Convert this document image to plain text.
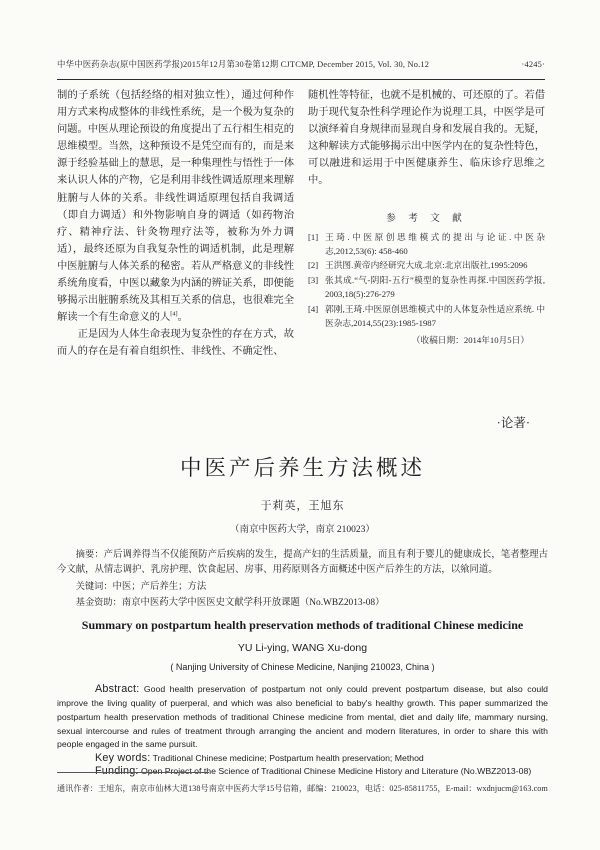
中华中医药杂志(原中国医药学报)2015年12月第30卷第12期 CJTCMP, December 2015, Vol. 30, No.12	·4245·

制的子系统（包括经络的相对独立性），通过何种作用方式来构成整体的非线性系统，是一个极为复杂的问题。中医从理论预设的角度提出了五行相生相克的思维模型。当然，这种预设不是凭空而有的，而是来源于经验基础上的慧思，是一种集理性与悟性于一体来认识人体的产物，它是利用非线性调适原理来理解脏腑与人体的关系。非线性调适原理包括自我调适（即自力调适）和外物影响自身的调适（如药物治疗、精神疗法、针灸物理疗法等，被称为外力调适），最终还原为自我复杂性的调适机制，此是理解中医脏腑与人体关系的秘密。若从严格意义的非线性系统角度看，中医以藏象为内涵的辨证关系，即便能够揭示出脏腑系统及其相互关系的信息，也很难完全解读一个有生命意义的人[4]。

正是因为人体生命表现为复杂性的存在方式，故而人的存在是有着自组织性、非线性、不确定性、

随机性等特征，也就不是机械的、可还原的了。若借助于现代复杂性科学理论作为说理工具，中医学是可以演绎着自身规律而显现自身和发展自我的。无疑，这种解读方式能够揭示出中医学内在的复杂性特色，可以融进和运用于中医健康养生、临床诊疗思维之中。

参 考 文 献
[1] 王琦.中医原创思维模式的提出与论证.中医杂志,2012,53(6): 458-460
[2] 王洪图.黄帝内经研究大成.北京:北京出版社,1995:2096
[3] 张其成.“气-阴阳-五行”模型的复杂性再探.中国医药学报, 2003,18(5):276-279
[4] 郭刚,王琦.中医原创思维模式中的人体复杂性适应系统. 中医杂志,2014,55(23):1985-1987
（收稿日期：2014年10月5日）
·论著·
中医产后养生方法概述
于莉英，王旭东
（南京中医药大学，南京 210023）

摘要：产后调养得当不仅能预防产后疾病的发生，提高产妇的生活质量，而且有利于婴儿的健康成长，笔者整理古今文献，从情志调护、乳房护理、饮食起居、房事、用药原则各方面概述中医产后养生的方法，以飨同道。

关键词：中医；产后养生；方法

基金资助：南京中医药大学中医医史文献学科开放课题（No.WBZ2013-08）

Summary on postpartum health preservation methods of traditional Chinese medicine
YU Li-ying, WANG Xu-dong
( Nanjing University of Chinese Medicine, Nanjing 210023, China )

Abstract: Good health preservation of postpartum not only could prevent postpartum disease, but also could improve the living quality of puerperal, and which was also beneficial to baby's healthy growth. This paper summarized the postpartum health preservation methods of traditional Chinese medicine from mental, diet and daily life, mammary nursing, sexual intercourse and rules of treatment through arranging the ancient and modern literatures, in order to share this with people engaged in the same pursuit.

Key words: Traditional Chinese medicine; Postpartum health preservation; Method

Funding: Open Project of the Science of Traditional Chinese Medicine History and Literature (No.WBZ2013-08)

通讯作者：王旭东，南京市仙林大道138号南京中医药大学15号信箱，邮编：210023，电话：025-85811755，E-mail：wxdnjucm@163.com
